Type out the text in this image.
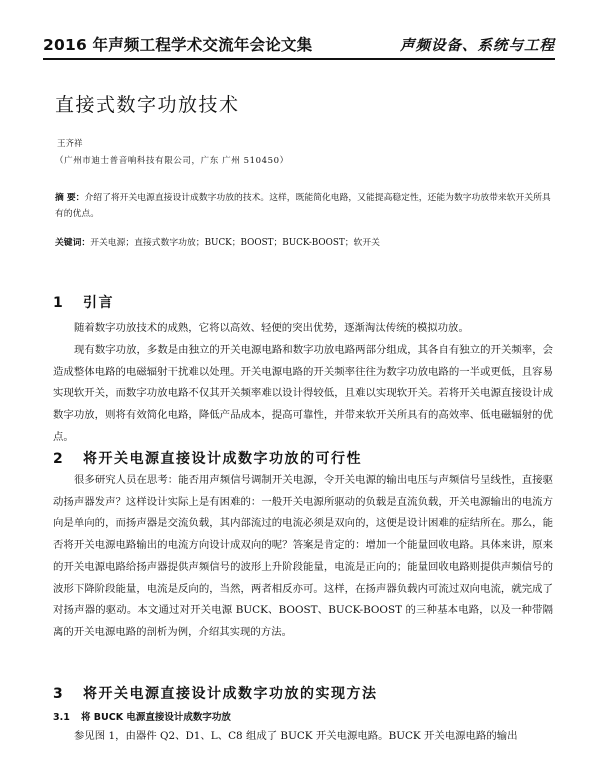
2016 年声频工程学术交流年会论文集	声频设备、系统与工程
直接式数字功放技术

王齐祥

（广州市迪士普音响科技有限公司，广东 广州 510450）

摘 要：介绍了将开关电源直接设计成数字功放的技术。这样，既能简化电路，又能提高稳定性，还能为数字功放带来软开关所具有的优点。

关键词：开关电源；直接式数字功放；BUCK；BOOST；BUCK-BOOST；软开关

1 引言

随着数字功放技术的成熟，它将以高效、轻便的突出优势，逐渐淘汰传统的模拟功放。

现有数字功放，多数是由独立的开关电源电路和数字功放电路两部分组成，其各自有独立的开关频率，会造成整体电路的电磁辐射干扰难以处理。开关电源电路的开关频率往往为数字功放电路的一半或更低，且容易实现软开关，而数字功放电路不仅其开关频率难以设计得较低，且难以实现软开关。若将开关电源直接设计成数字功放，则将有效简化电路，降低产品成本，提高可靠性，并带来软开关所具有的高效率、低电磁辐射的优点。

2 将开关电源直接设计成数字功放的可行性

很多研究人员在思考：能否用声频信号调制开关电源，令开关电源的输出电压与声频信号呈线性，直接驱动扬声器发声？这样设计实际上是有困难的：一般开关电源所驱动的负载是直流负载，开关电源输出的电流方向是单向的，而扬声器是交流负载，其内部流过的电流必须是双向的，这便是设计困难的症结所在。那么，能否将开关电源电路输出的电流方向设计成双向的呢？答案是肯定的：增加一个能量回收电路。具体来讲，原来的开关电源电路给扬声器提供声频信号的波形上升阶段能量，电流是正向的；能量回收电路则提供声频信号的波形下降阶段能量，电流是反向的，当然，两者相反亦可。这样，在扬声器负载内可流过双向电流，就完成了对扬声器的驱动。本文通过对开关电源 BUCK、BOOST、BUCK-BOOST 的三种基本电路，以及一种带隔离的开关电源电路的剖析为例，介绍其实现的方法。

3 将开关电源直接设计成数字功放的实现方法
3.1 将 BUCK 电源直接设计成数字功放

参见图 1，由器件 Q2、D1、L、C8 组成了 BUCK 开关电源电路。BUCK 开关电源电路的输出
